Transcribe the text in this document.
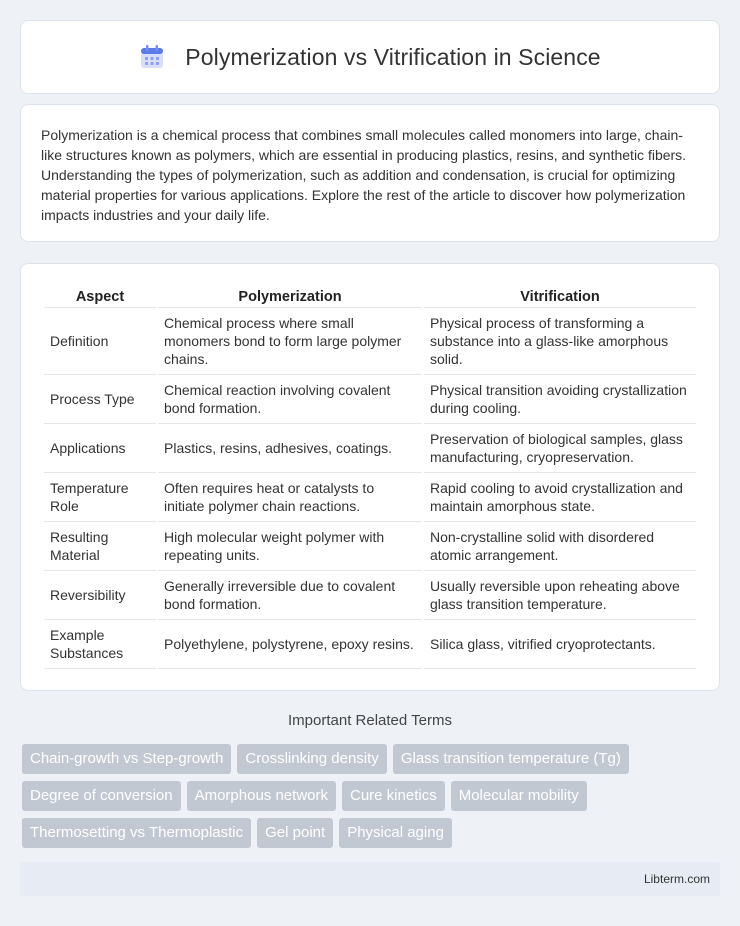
Polymerization vs Vitrification in Science

Polymerization is a chemical process that combines small molecules called monomers into large, chain-like structures known as polymers, which are essential in producing plastics, resins, and synthetic fibers. Understanding the types of polymerization, such as addition and condensation, is crucial for optimizing material properties for various applications. Explore the rest of the article to discover how polymerization impacts industries and your daily life.

Aspect	Polymerization	Vitrification
Definition	Chemical process where small monomers bond to form large polymer chains.	Physical process of transforming a substance into a glass-like amorphous solid.
Process Type	Chemical reaction involving covalent bond formation.	Physical transition avoiding crystallization during cooling.
Applications	Plastics, resins, adhesives, coatings.	Preservation of biological samples, glass manufacturing, cryopreservation.
Temperature Role	Often requires heat or catalysts to initiate polymer chain reactions.	Rapid cooling to avoid crystallization and maintain amorphous state.
Resulting Material	High molecular weight polymer with repeating units.	Non-crystalline solid with disordered atomic arrangement.
Reversibility	Generally irreversible due to covalent bond formation.	Usually reversible upon reheating above glass transition temperature.
Example Substances	Polyethylene, polystyrene, epoxy resins.	Silica glass, vitrified cryoprotectants.
Important Related Terms
Chain-growth vs Step-growth	Crosslinking density	Glass transition temperature (Tg)
Degree of conversion	Amorphous network	Cure kinetics	Molecular mobility
Thermosetting vs Thermoplastic	Gel point	Physical aging
Libterm.com
